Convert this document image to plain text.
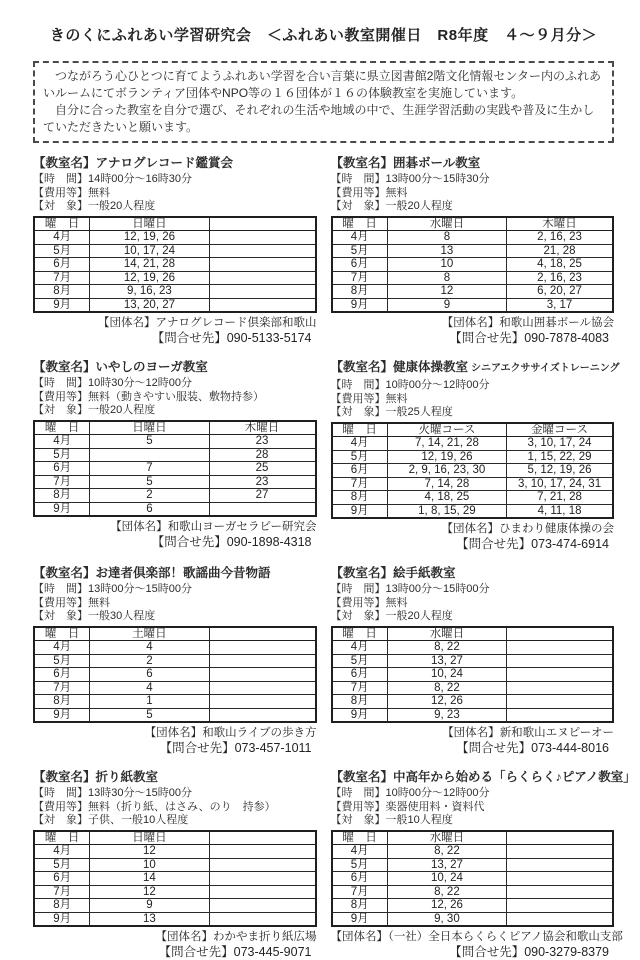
きのくにふれあい学習研究会　＜ふれあい教室開催日　R8年度　４～９月分＞

つながろう心ひとつに育てようふれあい学習を合い言葉に県立図書館2階文化情報センター内のふれあいルームにてボランティア団体やNPO等の１６団体が１６の体験教室を実施しています。

自分に合った教室を自分で選び、それぞれの生活や地域の中で、生涯学習活動の実践や普及に生かしていただきたいと願います。

【教室名】アナログレコード鑑賞会
【時　間】14時00分～16時30分
【費用等】無料
【対　象】一般20人程度
曜　日	日曜日	
4月	12, 19, 26	
5月	10, 17, 24	
6月	14, 21, 28	
7月	12, 19, 26	
8月	9, 16, 23	
9月	13, 20, 27	
【団体名】アナログレコード倶楽部和歌山
【問合せ先】090-5133-5174
【教室名】囲碁ボール教室
【時　間】13時00分～15時30分
【費用等】無料
【対　象】一般20人程度
曜　日	水曜日	木曜日
4月	8	2, 16, 23
5月	13	21, 28
6月	10	4, 18, 25
7月	8	2, 16, 23
8月	12	6, 20, 27
9月	9	3, 17
【団体名】和歌山囲碁ボール協会
【問合せ先】090-7878-4083
【教室名】いやしのヨーガ教室
【時　間】10時30分～12時00分
【費用等】無料（動きやすい服装、敷物持参）
【対　象】一般20人程度
曜　日	日曜日	木曜日
4月	5	23
5月		28
6月	7	25
7月	5	23
8月	2	27
9月	6	
【団体名】和歌山ヨーガセラピー研究会
【問合せ先】090-1898-4318
【教室名】健康体操教室 シニアエクササイズトレーニング
【時　間】10時00分～12時00分
【費用等】無料
【対　象】一般25人程度
曜　日	火曜コース	金曜コース
4月	7, 14, 21, 28	3, 10, 17, 24
5月	12, 19, 26	1, 15, 22, 29
6月	2, 9, 16, 23, 30	5, 12, 19, 26
7月	7, 14, 28	3, 10, 17, 24, 31
8月	4, 18, 25	7, 21, 28
9月	1, 8, 15, 29	4, 11, 18
【団体名】ひまわり健康体操の会
【問合せ先】073-474-6914
【教室名】お達者倶楽部！歌謡曲今昔物語
【時　間】13時00分～15時00分
【費用等】無料
【対　象】一般30人程度
曜　日	土曜日	
4月	4	
5月	2	
6月	6	
7月	4	
8月	1	
9月	5	
【団体名】和歌山ライブの歩き方
【問合せ先】073-457-1011
【教室名】絵手紙教室
【時　間】13時00分～15時00分
【費用等】無料
【対　象】一般20人程度
曜　日	水曜日	
4月	8, 22	
5月	13, 27	
6月	10, 24	
7月	8, 22	
8月	12, 26	
9月	9, 23	
【団体名】新和歌山エヌピーオー
【問合せ先】073-444-8016
【教室名】折り紙教室
【時　間】13時30分～15時00分
【費用等】無料（折り紙、はさみ、のり　持参）
【対　象】子供、一般10人程度
曜　日	日曜日	
4月	12	
5月	10	
6月	14	
7月	12	
8月	9	
9月	13	
【団体名】わかやま折り紙広場
【問合せ先】073-445-9071
【教室名】中高年から始める「らくらく♪ピアノ教室」
【時　間】10時00分～12時00分
【費用等】楽器使用料・資料代
【対　象】一般10人程度
曜　日	水曜日	
4月	8, 22	
5月	13, 27	
6月	10, 24	
7月	8, 22	
8月	12, 26	
9月	9, 30	
【団体名】（一社）全日本らくらくピアノ協会和歌山支部
【問合せ先】090-3279-8379
